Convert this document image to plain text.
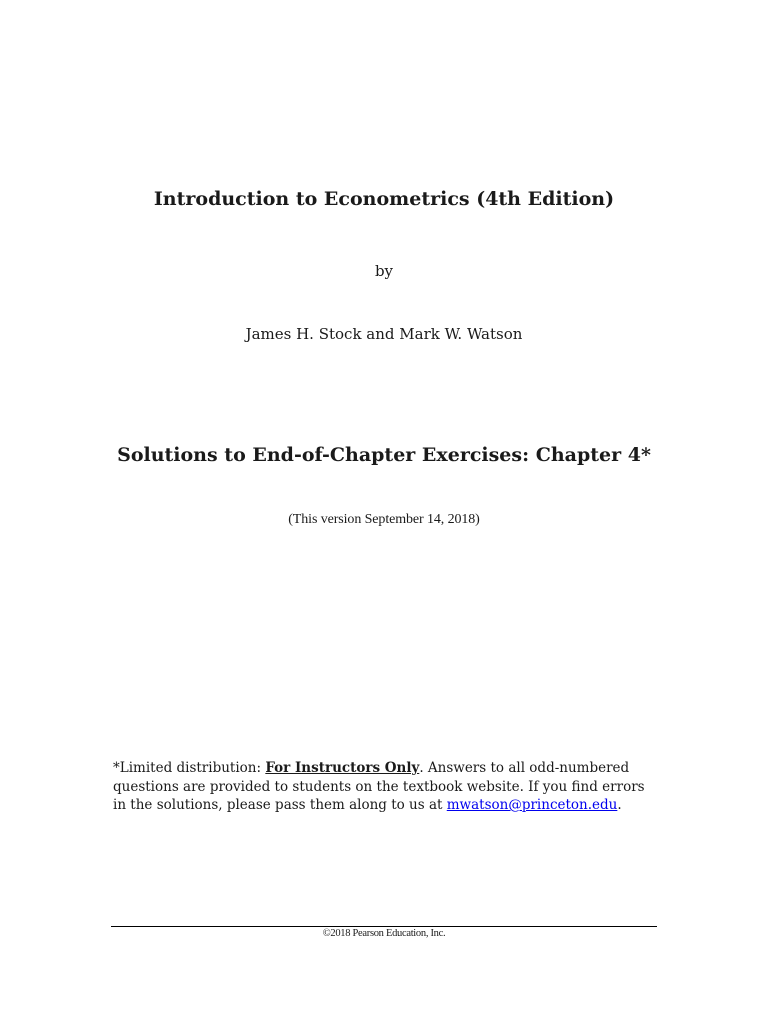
Introduction to Econometrics (4th Edition)
by
James H. Stock and Mark W. Watson
Solutions to End-of-Chapter Exercises: Chapter 4*
(This version September 14, 2018)
*Limited distribution: For Instructors Only. Answers to all odd-numbered questions are provided to students on the textbook website. If you find errors in the solutions, please pass them along to us at mwatson@princeton.edu.
©2018 Pearson Education, Inc.
